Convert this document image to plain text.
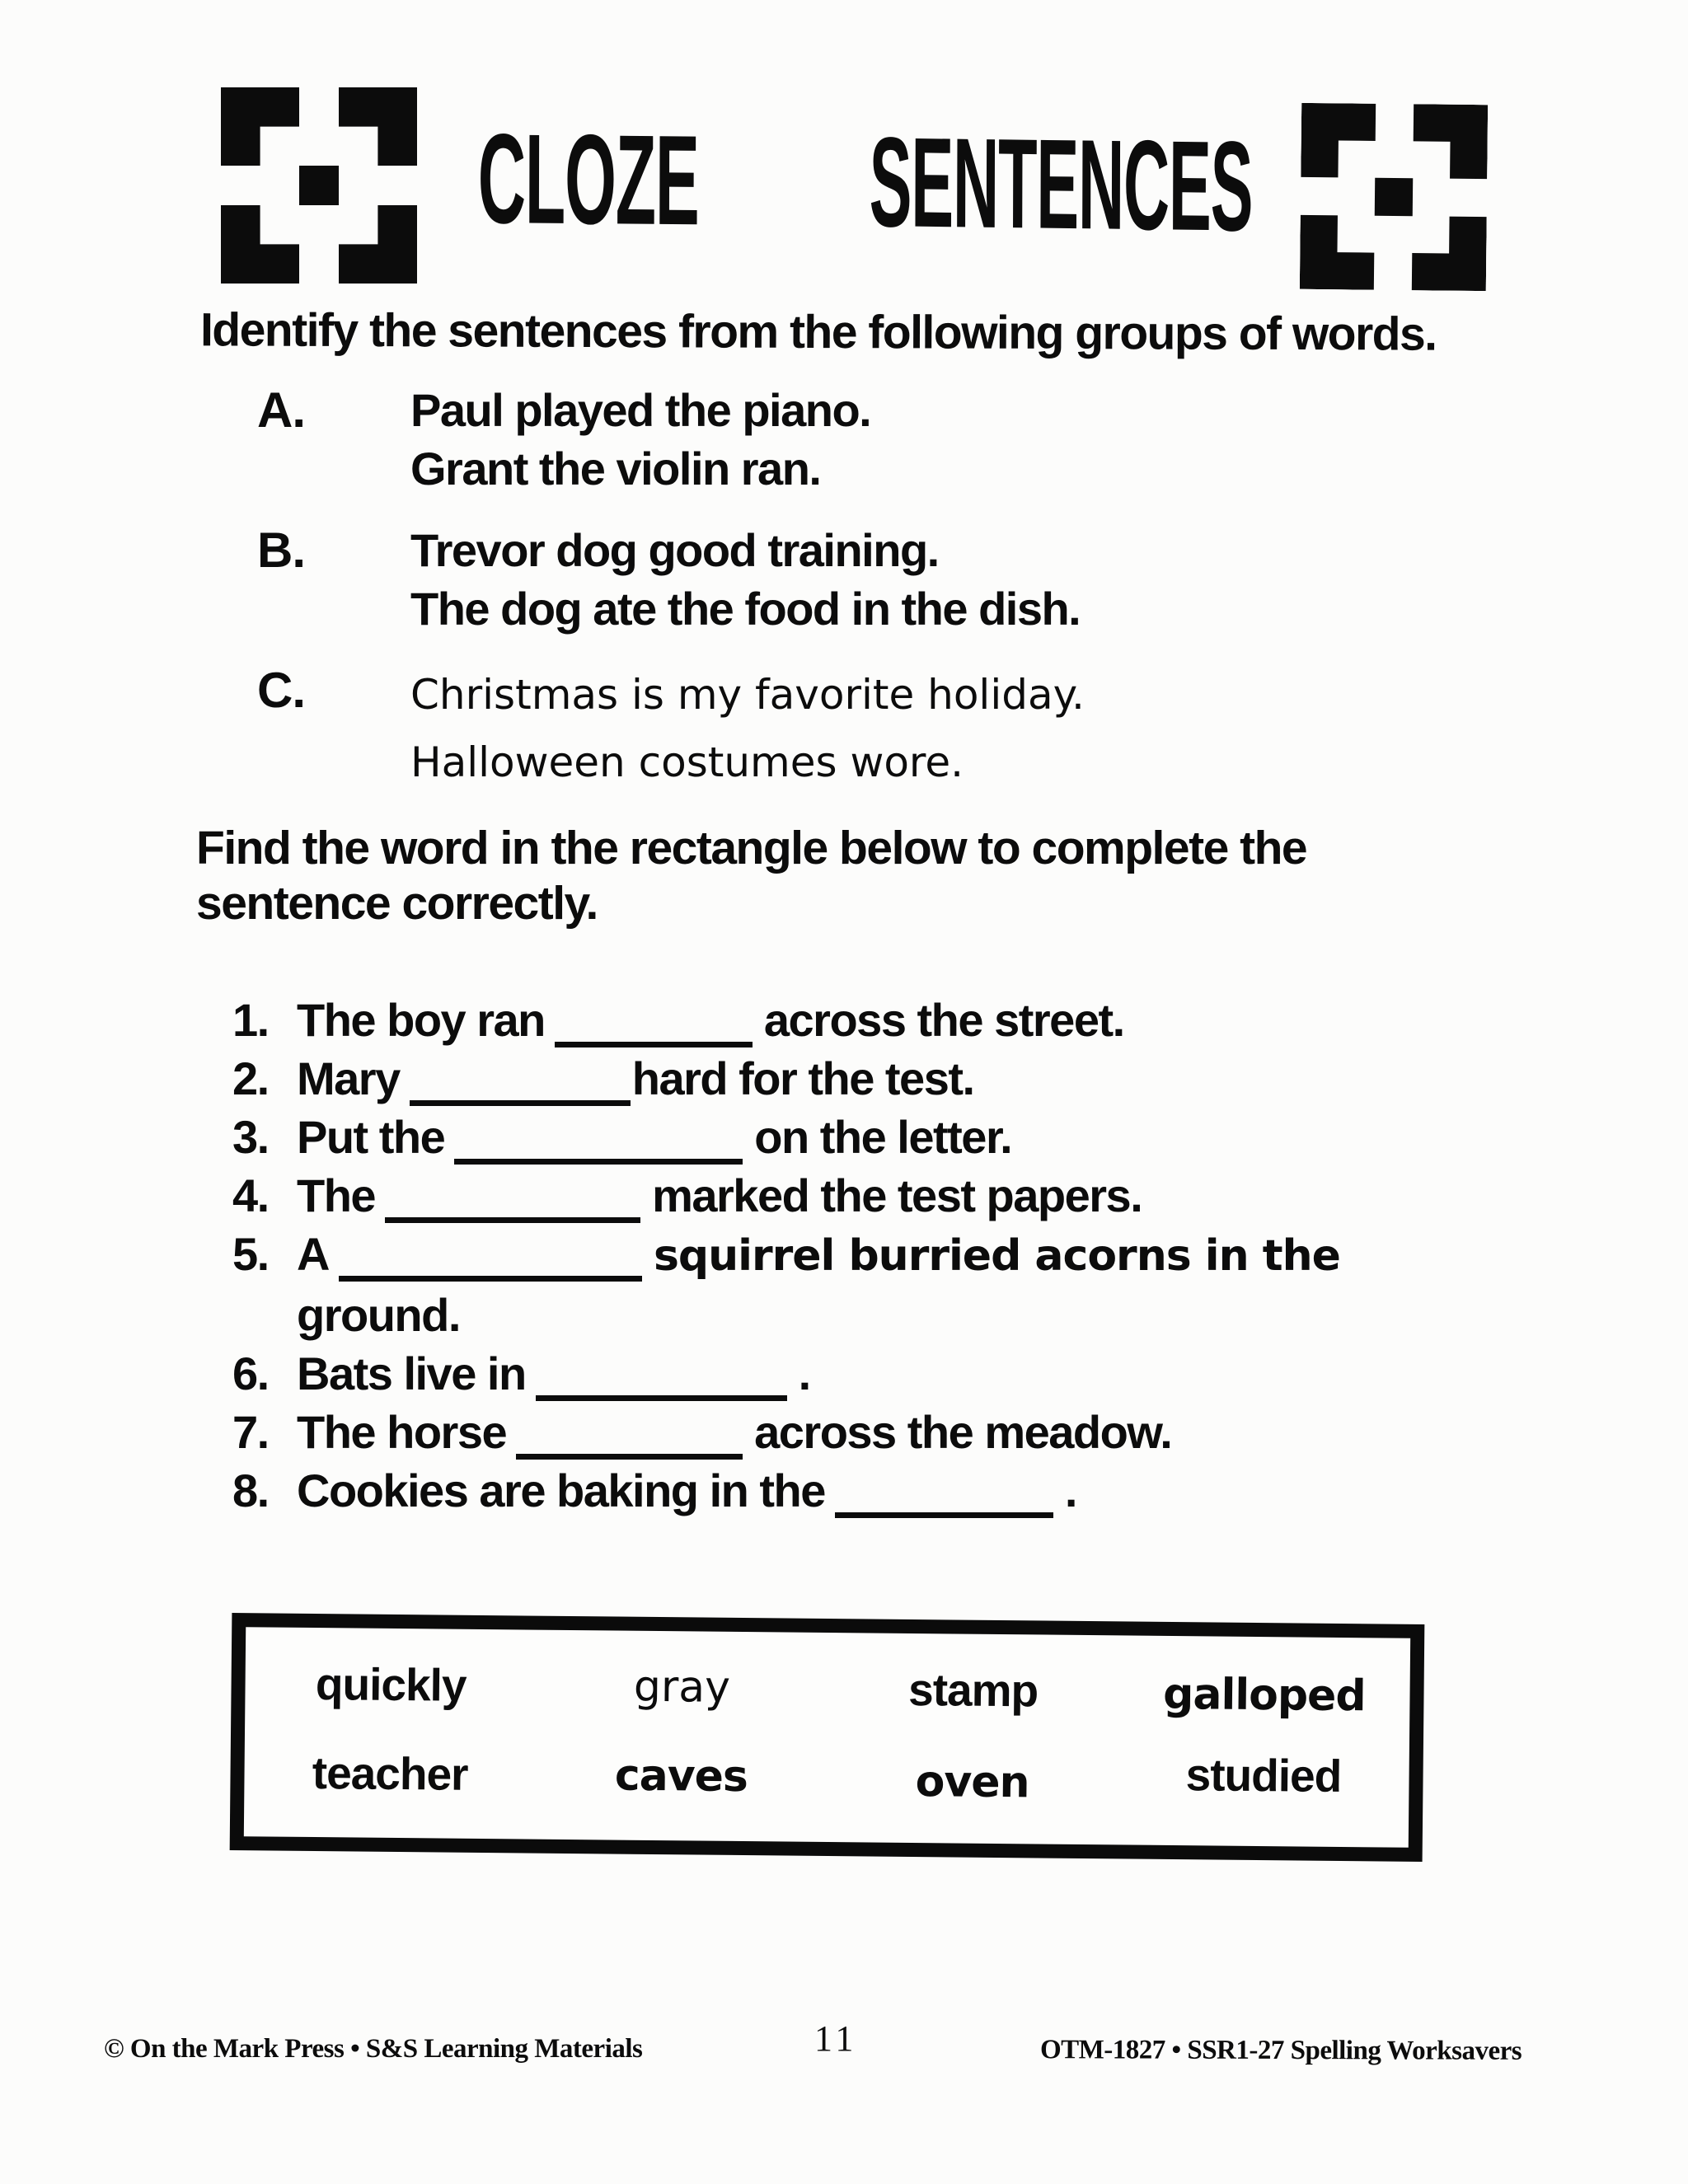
CLOZE SENTENCES
Identify the sentences from the following groups of words.
A.	Paul played the piano.
Grant the violin ran.
B.	Trevor dog good training.
The dog ate the food in the dish.
C.	Christmas is my favorite holiday.
Halloween costumes wore.
Find the word in the rectangle below to complete the
sentence correctly.
1. The boy ran	across the street.
2. Mary	hard for the test.
3. Put the	on the letter.
4. The	marked the test papers.
5. A	squirrel burried acorns in the
ground.
6. Bats live in	.
7. The horse	across the meadow.
8. Cookies are baking in the	.
quickly	gray	stamp	galloped
teacher	caves	oven	studied
© On the Mark Press • S&S Learning Materials	11	OTM-1827 • SSR1-27 Spelling Worksavers
